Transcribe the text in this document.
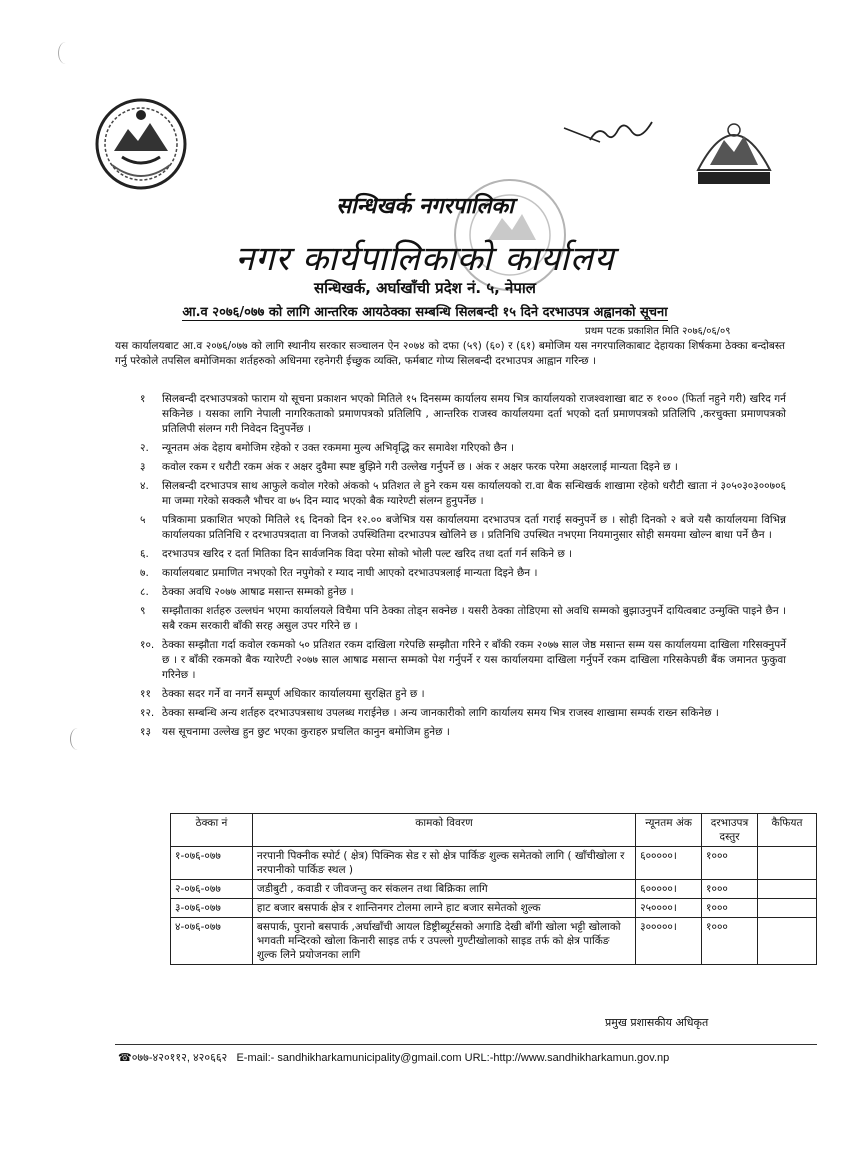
सन्धिखर्क नगरपालिका
नगर कार्यपालिकाको कार्यालय
सन्धिखर्क, अर्घाखाँची प्रदेश नं. ५, नेपाल
आ.व २०७६/०७७ को लागि आन्तरिक आयठेक्का सम्बन्धि सिलबन्दी १५ दिने दरभाउपत्र अह्वानको सूचना
प्रथम पटक प्रकाशित मिति २०७६/०६/०९
यस कार्यालयबाट आ.व २०७६/०७७ को लागि स्थानीय सरकार सञ्चालन ऐन २०७४ को दफा (५९) (६०) र (६१) बमोजिम यस नगरपालिकाबाट देहायका शिर्षकमा ठेक्का बन्दोबस्त गर्नु परेकोले तपसिल बमोजिमका शर्तहरुको अधिनमा रहनेगरी ईच्छुक व्यक्ति, फर्मबाट गोप्य सिलबन्दी दरभाउपत्र आह्वान गरिन्छ ।
१	सिलबन्दी दरभाउपत्रको फाराम यो सूचना प्रकाशन भएको मितिले १५ दिनसम्म कार्यालय समय भित्र कार्यालयको राजश्वशाखा बाट रु १००० (फिर्ता नहुने गरी) खरिद गर्न सकिनेछ । यसका लागि नेपाली नागरिकताको प्रमाणपत्रको प्रतिलिपि , आन्तरिक राजस्व कार्यालयमा दर्ता भएको दर्ता प्रमाणपत्रको प्रतिलिपि ,करचुक्ता प्रमाणपत्रको प्रतिलिपी संलग्न गरी निवेदन दिनुपर्नेछ ।
२.	न्यूनतम अंक देहाय बमोजिम रहेको र उक्त रकममा मुल्य अभिवृद्धि कर समावेश गरिएको छैन ।
३	कवोल रकम र धरौटी रकम अंक र अक्षर दुवैमा स्पष्ट बुझिने गरी उल्लेख गर्नुपर्ने छ । अंक र अक्षर फरक परेमा अक्षरलाई मान्यता दिइने छ ।
४.	सिलबन्दी दरभाउपत्र साथ आफुले कवोल गरेको अंकको ५ प्रतिशत ले हुने रकम यस कार्यालयको रा.वा बैक सन्धिखर्क शाखामा रहेको धरौटी खाता नं ३०५०३०३००७०६ मा जम्मा गरेको सक्कलै भौचर वा ७५ दिन म्याद भएको बैक ग्यारेण्टी संलग्न हुनुपर्नेछ ।
५	पत्रिकामा प्रकाशित भएको मितिले १६ दिनको दिन १२.०० बजेभित्र यस कार्यालयमा दरभाउपत्र दर्ता गराई सक्नुपर्ने छ । सोही दिनको २ बजे यसै कार्यालयमा विभिन्न कार्यालयका प्रतिनिधि र दरभाउपत्रदाता वा निजको उपस्थितिमा दरभाउपत्र खोलिने छ । प्रतिनिधि उपस्थित नभएमा नियमानुसार सोही समयमा खोल्न बाधा पर्ने छैन ।
६.	दरभाउपत्र खरिद र दर्ता मितिका दिन सार्वजनिक विदा परेमा सोको भोली पल्ट खरिद तथा दर्ता गर्न सकिने छ ।
७.	कार्यालयबाट प्रमाणित नभएको रित नपुगेको र म्याद नाघी आएको दरभाउपत्रलाई मान्यता दिइने छैन ।
८.	ठेक्का अवधि २०७७ आषाढ मसान्त सम्मको हुनेछ ।
९	सम्झौताका शर्तहरु उल्लघंन भएमा कार्यालयले विचैमा पनि ठेक्का तोड्न सक्नेछ । यसरी ठेक्का तोडिएमा सो अवधि सम्मको बुझाउनुपर्ने दायित्वबाट उन्मुक्ति पाइने छैन । सबै रकम सरकारी बाँकी सरह असुल उपर गरिने छ ।
१०. ठेक्का सम्झौता गर्दा कवोल रकमको ५० प्रतिशत रकम दाखिला गरेपछि सम्झौता गरिने र बाँकी रकम २०७७ साल जेष्ठ मसान्त सम्म यस कार्यालयमा दाखिला गरिसक्नुपर्ने छ । र बाँकी रकमको बैक ग्यारेण्टी २०७७ साल आषाढ मसान्त सम्मको पेश गर्नुपर्ने र यस कार्यालयमा दाखिला गर्नुपर्ने रकम दाखिला गरिसकेपछी बैंक जमानत फुकुवा गरिनेछ ।
११	ठेक्का सदर गर्ने वा नगर्ने सम्पूर्ण अधिकार कार्यालयमा सुरक्षित हुने छ ।
१२. ठेक्का सम्बन्धि अन्य शर्तहरु दरभाउपत्रसाथ उपलब्ध गराईनेछ । अन्य जानकारीको लागि कार्यालय समय भित्र राजस्व शाखामा सम्पर्क राख्न सकिनेछ ।
१३	यस सूचनामा उल्लेख हुन छुट भएका कुराहरु प्रचलित कानुन बमोजिम हुनेछ ।
ठेक्का नं	कामको विवरण	न्यूनतम अंक	दरभाउपत्र दस्तुर	कैफियत
१-०७६-०७७	नरपानी पिक्नीक स्पोर्ट ( क्षेत्र) पिक्निक सेड र सो क्षेत्र पार्किङ शुल्क समेतको लागि ( खाँचीखोला र नरपानीको पार्किङ स्थल )	६०००००।	१०००	
२-०७६-०७७	जडीबुटी , कवाडी र जीवजन्तु कर संकलन तथा बिक्रिका लागि	६०००००।	१०००	
३-०७६-०७७	हाट बजार बसपार्क क्षेत्र र शान्तिनगर टोलमा लाग्ने हाट बजार समेतको शुल्क	२५००००।	१०००	
४-०७६-०७७	बसपार्क, पुरानो बसपार्क ,अर्घाखाँची आयल डिष्ट्रीब्यूर्टसको अगाडि देखी बाँगी खोला भट्टी खोलाको भगवती मन्दिरको खोला किनारी साइड तर्फ र उपल्लो गुण्टीखोलाको साइड तर्फ को क्षेत्र पार्किङ शुल्क लिने प्रयोजनका लागि	३०००००।	१०००	
प्रमुख प्रशासकीय अधिकृत
☎०७७-४२०११२, ४२०६६२ E-mail:- sandhikharkamunicipality@gmail.com URL:-http://www.sandhikharkamun.gov.np
